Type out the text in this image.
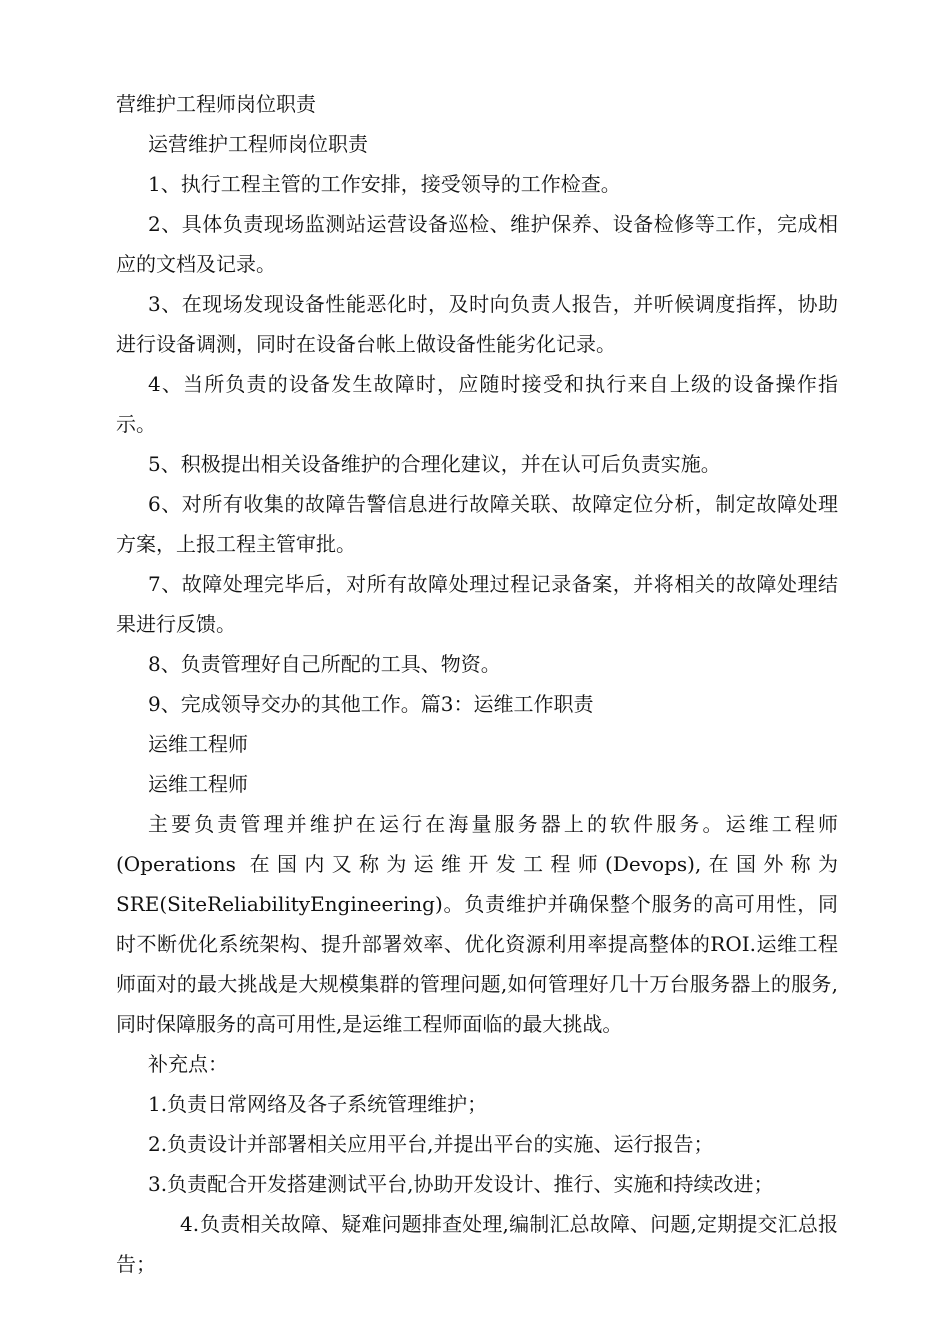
营维护工程师岗位职责

运营维护工程师岗位职责

1、执行工程主管的工作安排，接受领导的工作检查。

2、具体负责现场监测站运营设备巡检、维护保养、设备检修等工作，完成相应的文档及记录。

3、在现场发现设备性能恶化时，及时向负责人报告，并听候调度指挥，协助进行设备调测，同时在设备台帐上做设备性能劣化记录。

4、当所负责的设备发生故障时，应随时接受和执行来自上级的设备操作指示。

5、积极提出相关设备维护的合理化建议，并在认可后负责实施。

6、对所有收集的故障告警信息进行故障关联、故障定位分析，制定故障处理方案，上报工程主管审批。

7、故障处理完毕后，对所有故障处理过程记录备案，并将相关的故障处理结果进行反馈。

8、负责管理好自己所配的工具、物资。

9、完成领导交办的其他工作。篇3：运维工作职责

运维工程师

运维工程师

主要负责管理并维护在运行在海量服务器上的软件服务。运维工程师(Operations 在国内又称为运维开发工程师(Devops),在国外称为SRE(SiteReliabilityEngineering)。负责维护并确保整个服务的高可用性，同时不断优化系统架构、提升部署效率、优化资源利用率提高整体的ROI.运维工程师面对的最大挑战是大规模集群的管理问题,如何管理好几十万台服务器上的服务,同时保障服务的高可用性,是运维工程师面临的最大挑战。

补充点：

1.负责日常网络及各子系统管理维护；

2.负责设计并部署相关应用平台,并提出平台的实施、运行报告；

3.负责配合开发搭建测试平台,协助开发设计、推行、实施和持续改进；

4.负责相关故障、疑难问题排查处理,编制汇总故障、问题,定期提交汇总报告；
